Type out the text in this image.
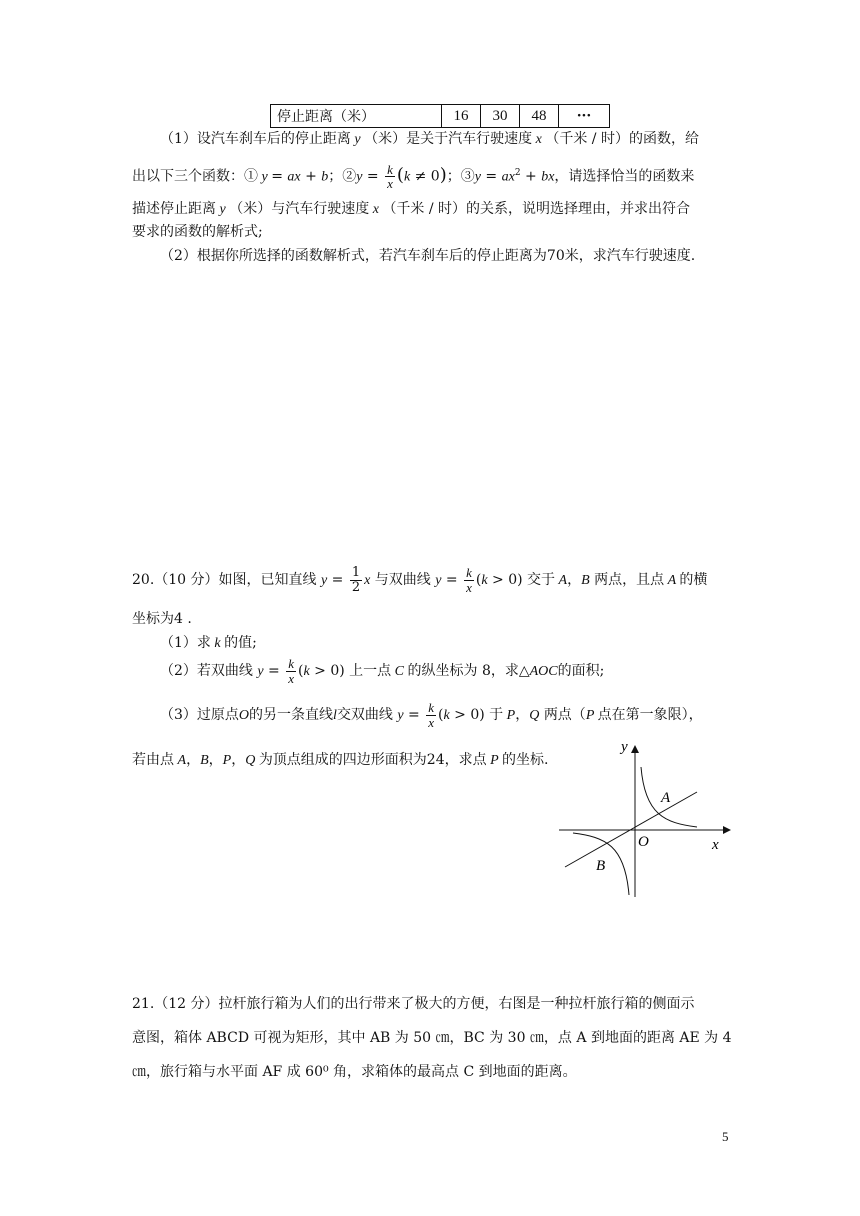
停止距离（米）	16	30	48	···
（1）设汽车刹车后的停止距离 y （米）是关于汽车行驶速度 x （千米 / 时）的函数，给
出以下三个函数：① y = ax + b；②y = $\frac{k}{x} (k \ne 0)$；③y = $ax^2$ + bx，请选择恰当的函数来
描述停止距离 y （米）与汽车行驶速度 x （千米 / 时）的关系，说明选择理由，并求出符合
要求的函数的解析式;
（2）根据你所选择的函数解析式，若汽车刹车后的停止距离为70米，求汽车行驶速度.
20.（10 分）如图，已知直线 $y = \frac{1}{2}$ x 与双曲线 $y = \frac{k}{x} (k > 0)$ 交于 A，B 两点，且点 A 的横
坐标为4 .
（1）求 k 的值;
（2）若双曲线 $y = \frac{k}{x} (k > 0)$ 上一点 C 的纵坐标为 8，求△AOC的面积;
（3）过原点O的另一条直线l交双曲线 $y = \frac{k}{x} (k > 0)$ 于 P，Q 两点（P 点在第一象限），
若由点 A，B，P，Q 为顶点组成的四边形面积为24，求点 P 的坐标.
y
x
O
A
B
21.（12 分）拉杆旅行箱为人们的出行带来了极大的方便，右图是一种拉杆旅行箱的侧面示
意图，箱体 ABCD 可视为矩形，其中 AB 为 50 ㎝，BC 为 30 ㎝，点 A 到地面的距离 AE 为 4
㎝，旅行箱与水平面 AF 成 60⁰ 角，求箱体的最高点 C 到地面的距离。
5
